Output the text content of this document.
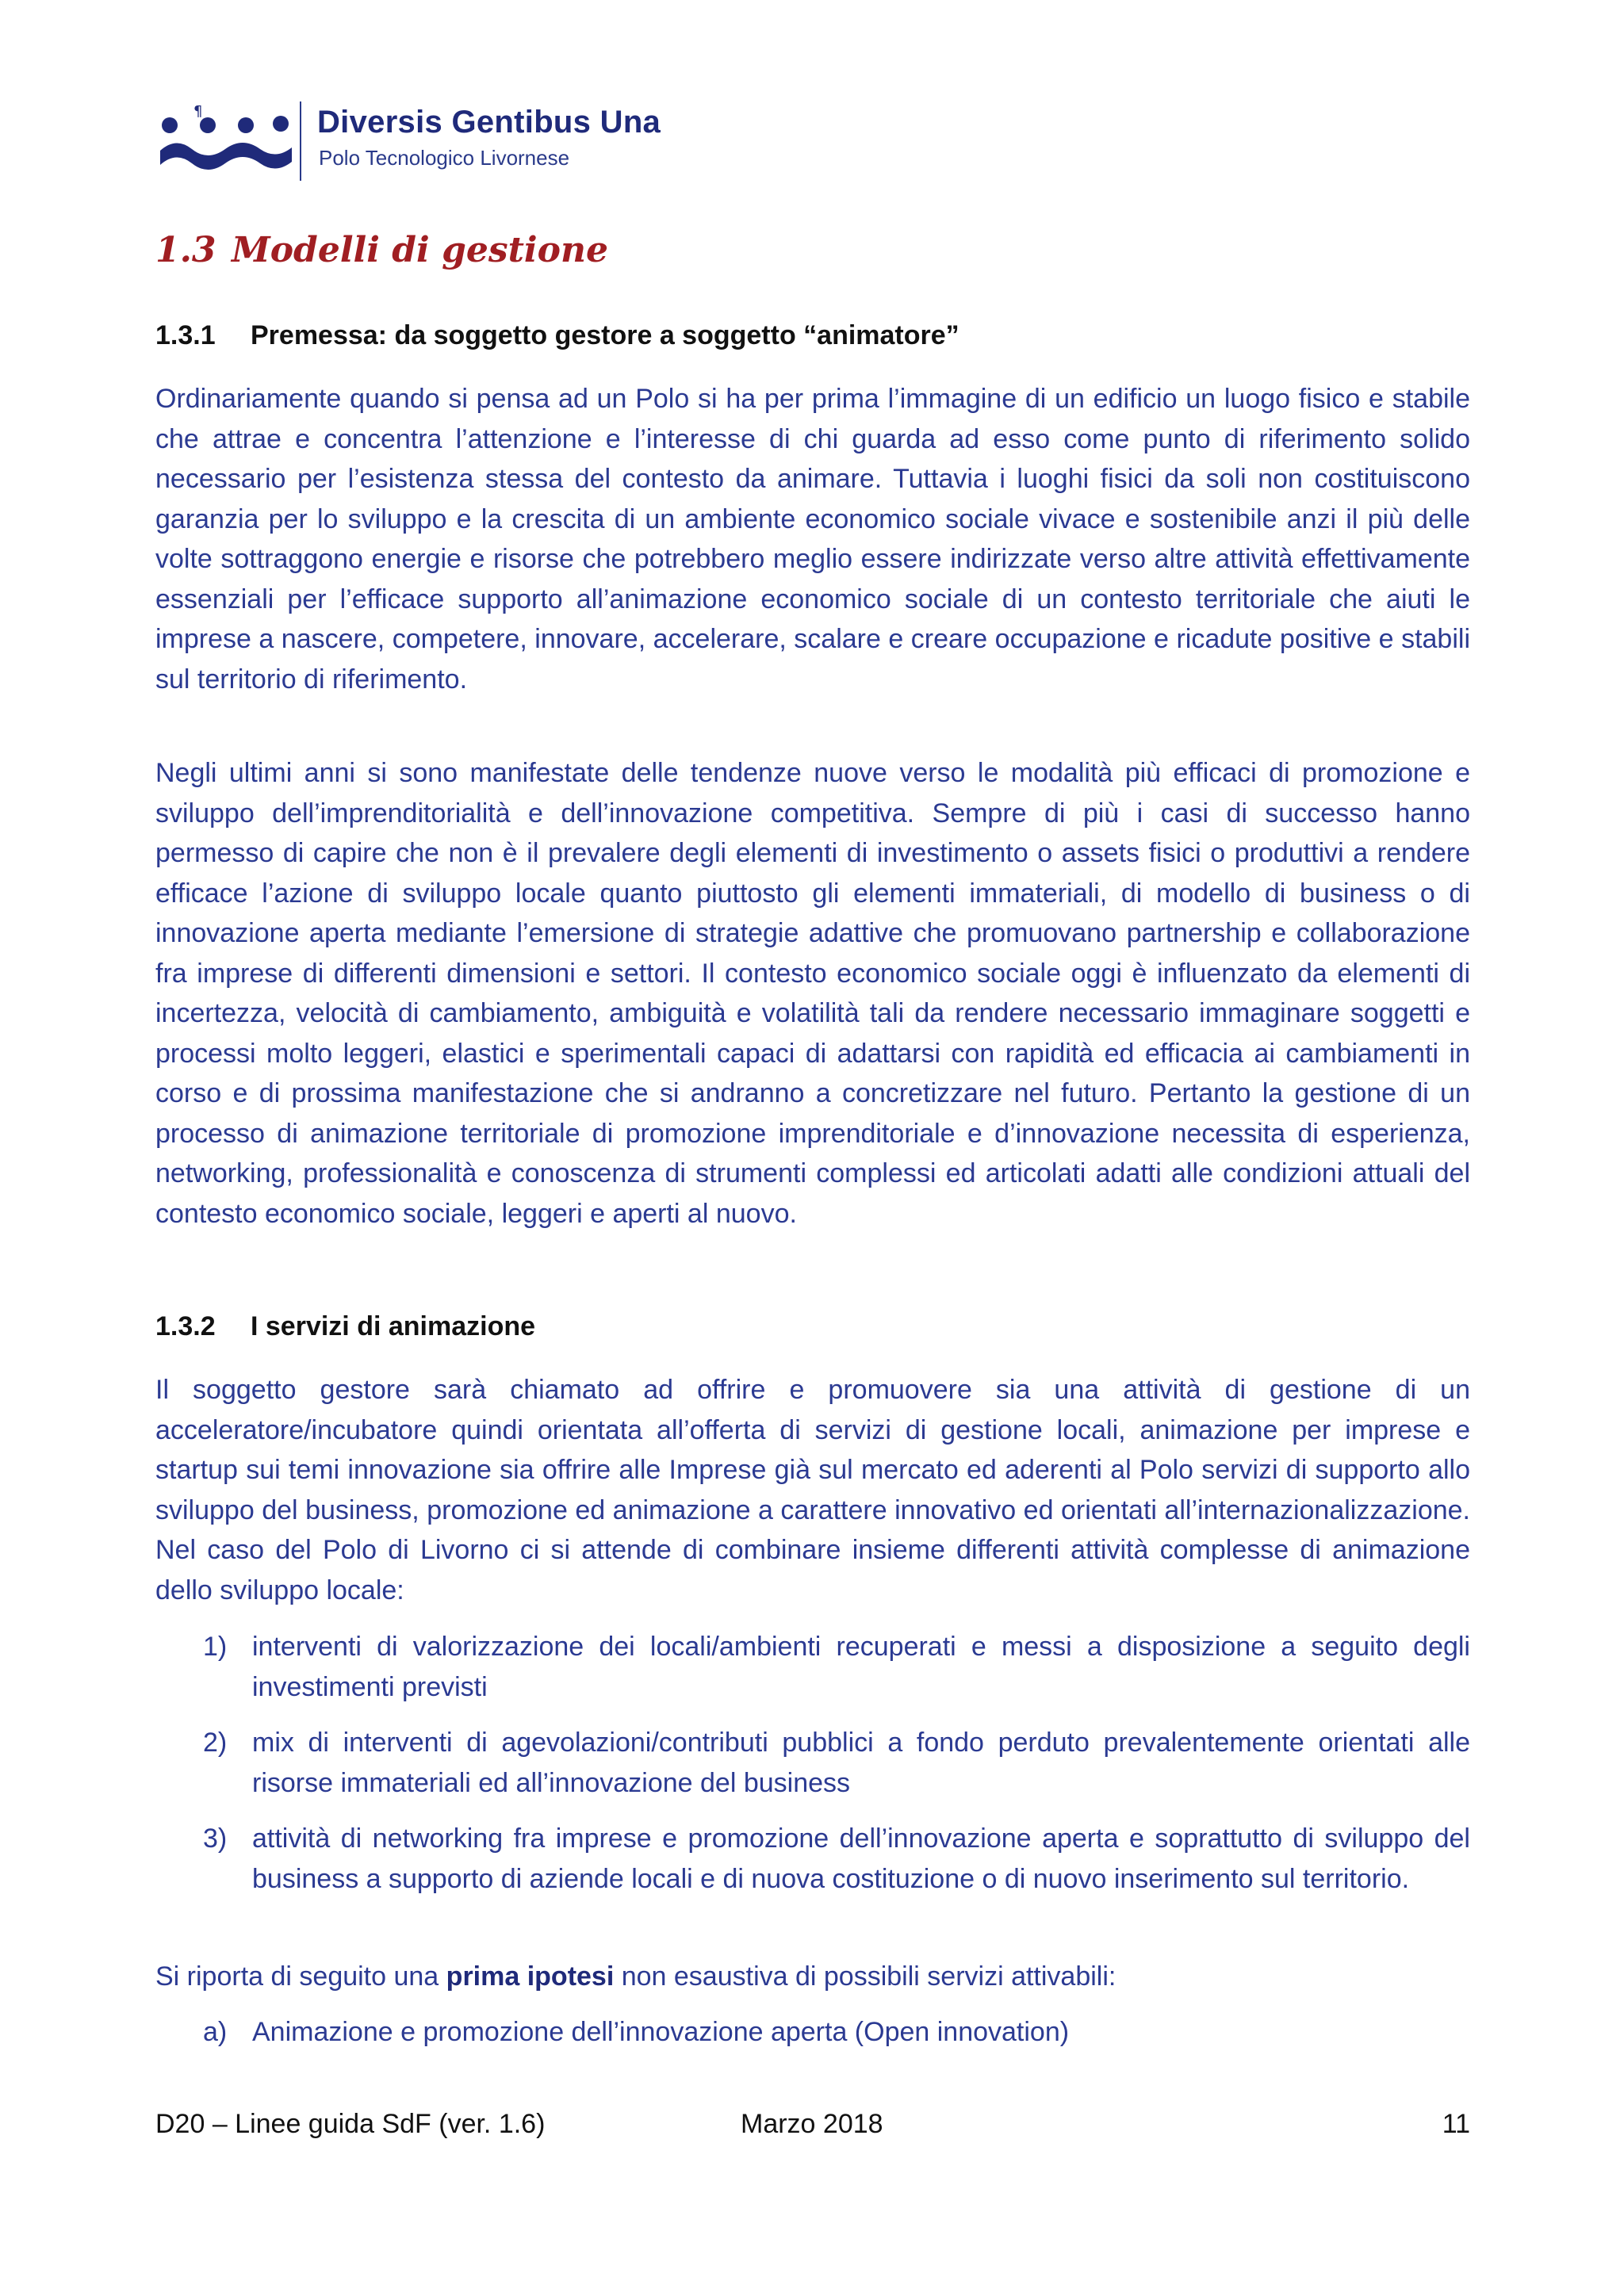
¶	Diversis Gentibus Una
Polo Tecnologico Livornese
1.3 Modelli di gestione
1.3.1 Premessa: da soggetto gestore a soggetto “animatore”
Ordinariamente quando si pensa ad un Polo si ha per prima l’immagine di un edificio un luogo fisico e stabile che attrae e concentra l’attenzione e l’interesse di chi guarda ad esso come punto di riferimento solido necessario per l’esistenza stessa del contesto da animare. Tuttavia i luoghi fisici da soli non costituiscono garanzia per lo sviluppo e la crescita di un ambiente economico sociale vivace e sostenibile anzi il più delle volte sottraggono energie e risorse che potrebbero meglio essere indirizzate verso altre attività effettivamente essenziali per l’efficace supporto all’animazione economico sociale di un contesto territoriale che aiuti le imprese a nascere, competere, innovare, accelerare, scalare e creare occupazione e ricadute positive e stabili sul territorio di riferimento.
Negli ultimi anni si sono manifestate delle tendenze nuove verso le modalità più efficaci di promozione e sviluppo dell’imprenditorialità e dell’innovazione competitiva. Sempre di più i casi di successo hanno permesso di capire che non è il prevalere degli elementi di investimento o assets fisici o produttivi a rendere efficace l’azione di sviluppo locale quanto piuttosto gli elementi immateriali, di modello di business o di innovazione aperta mediante l’emersione di strategie adattive che promuovano partnership e collaborazione fra imprese di differenti dimensioni e settori. Il contesto economico sociale oggi è influenzato da elementi di incertezza, velocità di cambiamento, ambiguità e volatilità tali da rendere necessario immaginare soggetti e processi molto leggeri, elastici e sperimentali capaci di adattarsi con rapidità ed efficacia ai cambiamenti in corso e di prossima manifestazione che si andranno a concretizzare nel futuro. Pertanto la gestione di un processo di animazione territoriale di promozione imprenditoriale e d’innovazione necessita di esperienza, networking, professionalità e conoscenza di strumenti complessi ed articolati adatti alle condizioni attuali del contesto economico sociale, leggeri e aperti al nuovo.
1.3.2 I servizi di animazione
Il soggetto gestore sarà chiamato ad offrire e promuovere sia una attività di gestione di un acceleratore/incubatore quindi orientata all’offerta di servizi di gestione locali, animazione per imprese e startup sui temi innovazione sia offrire alle Imprese già sul mercato ed aderenti al Polo servizi di supporto allo sviluppo del business, promozione ed animazione a carattere innovativo ed orientati all’internazionalizzazione. Nel caso del Polo di Livorno ci si attende di combinare insieme differenti attività complesse di animazione dello sviluppo locale:
1) interventi di valorizzazione dei locali/ambienti recuperati e messi a disposizione a seguito degli investimenti previsti
2) mix di interventi di agevolazioni/contributi pubblici a fondo perduto prevalentemente orientati alle risorse immateriali ed all’innovazione del business
3) attività di networking fra imprese e promozione dell’innovazione aperta e soprattutto di sviluppo del business a supporto di aziende locali e di nuova costituzione o di nuovo inserimento sul territorio.
Si riporta di seguito una prima ipotesi non esaustiva di possibili servizi attivabili:
a) Animazione e promozione dell’innovazione aperta (Open innovation)
D20 – Linee guida SdF (ver. 1.6)	Marzo 2018	11
